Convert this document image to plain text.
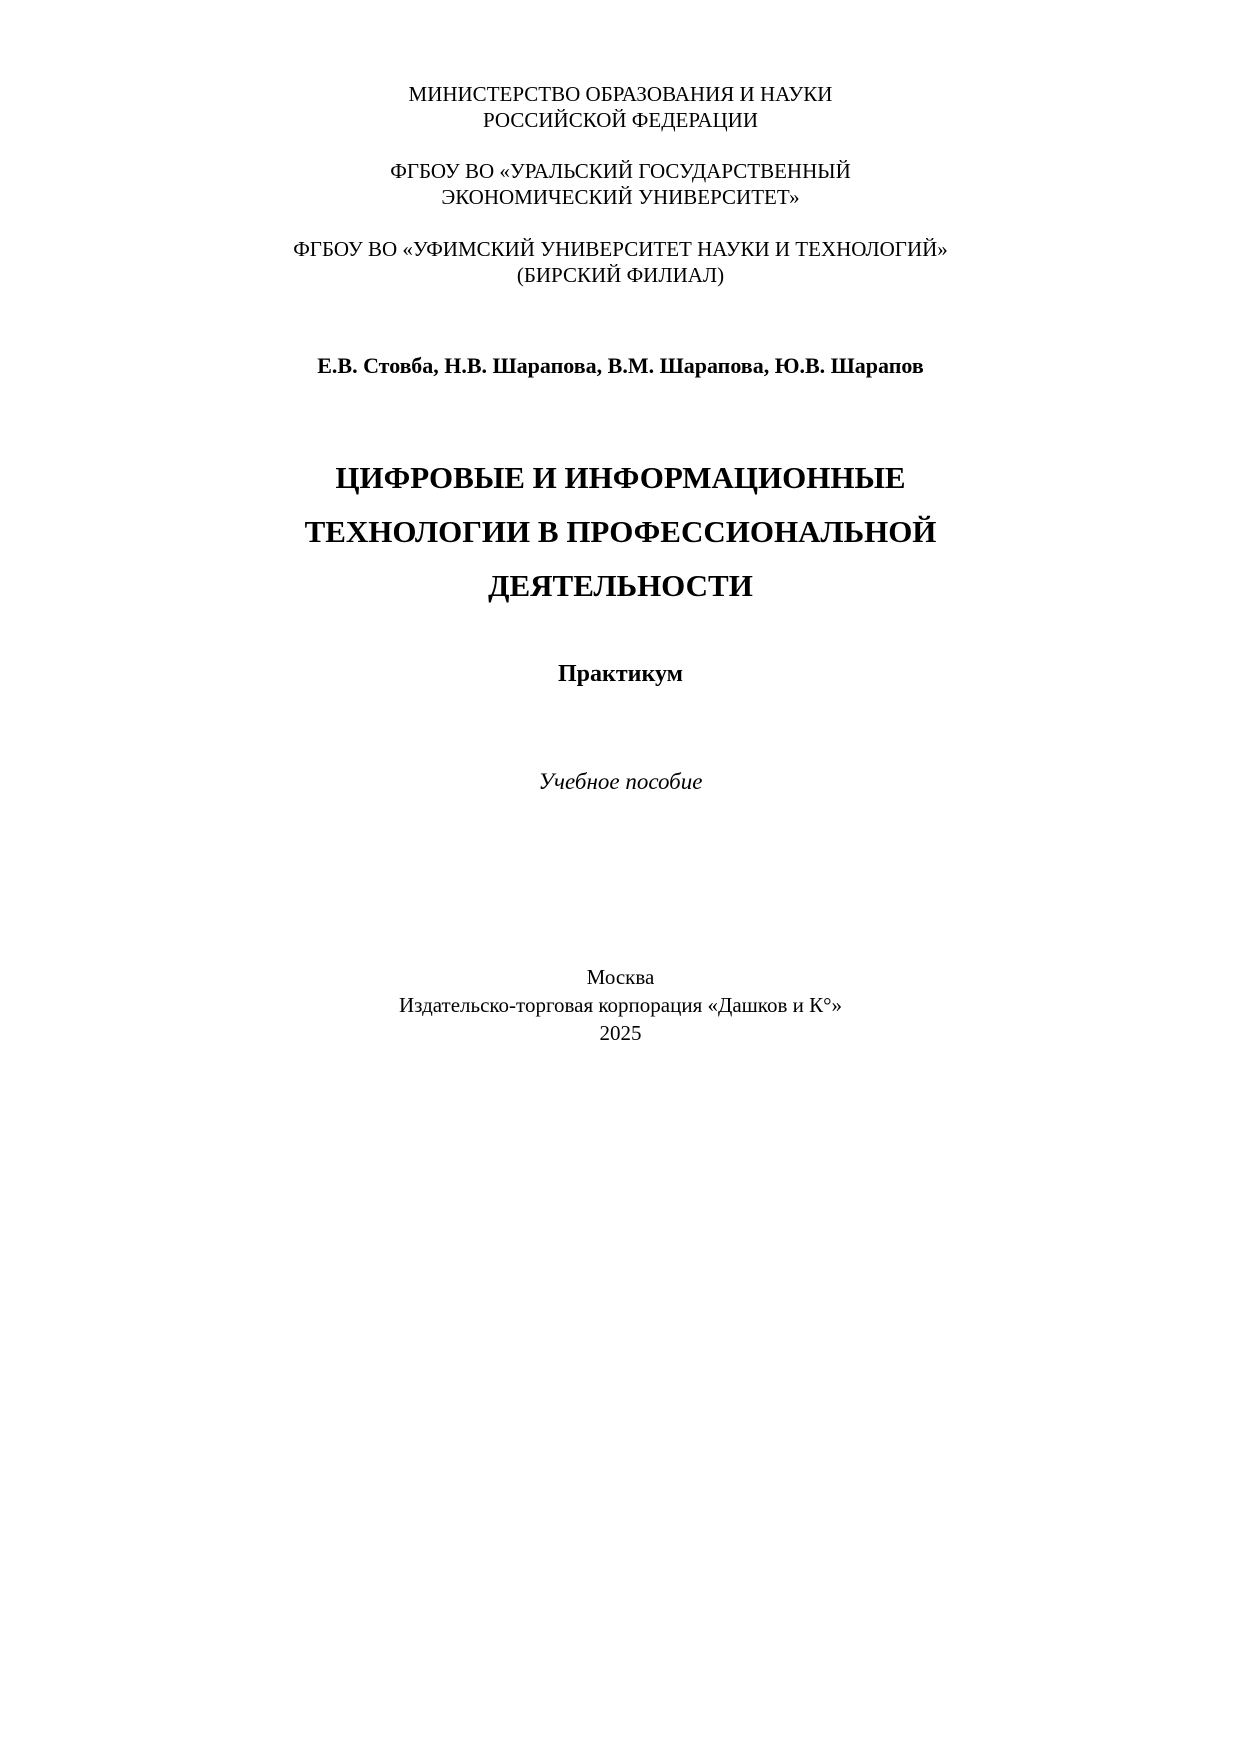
МИНИСТЕРСТВО ОБРАЗОВАНИЯ И НАУКИ
РОССИЙСКОЙ ФЕДЕРАЦИИ
ФГБОУ ВО «УРАЛЬСКИЙ ГОСУДАРСТВЕННЫЙ
ЭКОНОМИЧЕСКИЙ УНИВЕРСИТЕТ»
ФГБОУ ВО «УФИМСКИЙ УНИВЕРСИТЕТ НАУКИ И ТЕХНОЛОГИЙ»
(БИРСКИЙ ФИЛИАЛ)
Е.В. Стовба, Н.В. Шарапова, В.М. Шарапова, Ю.В. Шарапов
ЦИФРОВЫЕ И ИНФОРМАЦИОННЫЕ
ТЕХНОЛОГИИ В ПРОФЕССИОНАЛЬНОЙ
ДЕЯТЕЛЬНОСТИ
Практикум
Учебное пособие
Москва
Издательско-торговая корпорация «Дашков и К°»
2025
